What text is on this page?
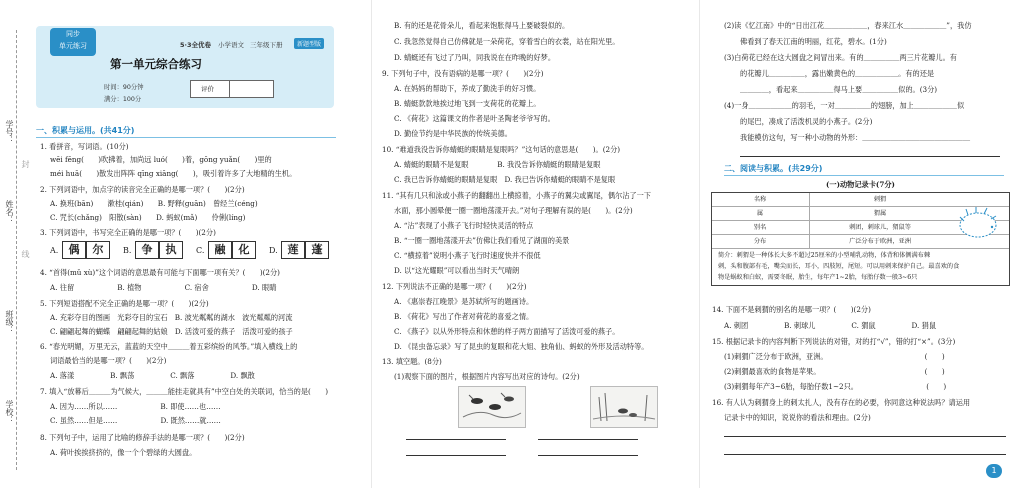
学号：
姓名：
班级：
学校：
封
线
同步
单元练习	5·3全优卷 小学语文 三年级下册	新题型版
第一单元综合练习
时间：90分钟
满分：100分
评价
一、积累与运用。(共41分)
1. 看拼音，写词语。(10分)
wēi fēng(　　)吹拂着，加尚远 luó(　　)着，gōng yuǎn(　　)里的
méi huā(　　)散发出阵阵 qīng xiāng(　　)，吸引着许多了大地精的生机。
2. 下列词语中，加点字的读音完全正确的是哪一项？(　　)(2分)
A. 换班(bān)　　漱桂(qián)　　B. 野释(guān)　曾经兰(céng)
C. 咒长(chǎng)　阳散(sàn)　　D. 蚂蚁(mǎ)　　伶俐(líng)
3. 下列词语中，书写完全正确的是哪一项？(　　)(2分)
A. 偶	尔	B. 争	执	C. 融	化	D. 莲	蓬
4. “首得(mǔ xù)”这个词语的意思最有可能与下面哪一项有关？(　　)(2分)
A. 往留　　　　　　B. 植物　　　　　　C. 宿舍　　　　　　D. 眼睛
5. 下列短语搭配不完全正确的是哪一项？(　　)(2分)
A. 充彩夺目的图画　光彩夺目的宝石　B. 波光粼粼的湖水　波光粼粼的河流
C. 翩翩起舞的蝴蝶　翩翩起舞的姑娘　D. 活泼可爱的燕子　活泼可爱的孩子
6. “春光明媚，万里无云，蓝蓝的天空中＿＿＿着五彩缤纷的风筝。”填入横线上的
词语最恰当的是哪一项？(　　)(2分)
A. 落漾　　　　　B. 飘荡　　　　　C. 飘落　　　　　D. 飘散
7. 填入“放幕后＿＿＿为气候大，＿＿＿能挂走就具有”中空白处的关联词，恰当的是(　　)
A. 因为……所以……　　　　　　B. 即使……也……
C. 虽然……但是……　　　　　　D. 既然……就……
8. 下列句子中，运用了比喻的修辞手法的是哪一项？(　　)(2分)
A. 荷叶挨挨挤挤的，像一个个碧绿的大圆盘。
B. 有的还是花骨朵儿，看起来饱胀得马上要破裂似的。
C. 我忽然觉得自己仿佛就是一朵荷花，穿着雪白的衣裳，站在阳光里。
D. 蜻蜓还有飞过了乃叫，同我说在在昨晚的好梦。
9. 下列句子中，没有语病的是哪一项？(　　)(2分)
A. 在妈妈的帮助下，养成了勤洗手的好习惯。
B. 蜻蜓款款地挨过地飞到一支荷花的花瓣上。
C. 《荷花》这篇课文的作者是叶圣陶老爷爷写的。
D. 勤俭节约是中华民族的传统美德。
10. “难道我没告诉你蜻蜓的眼睛是复眼吗？”这句话的意思是(　　)。(2分)
A. 蜻蜓的眼睛不是复眼　　　　B. 我没告诉你蜻蜓的眼睛是复眼
C. 我已告诉你蜻蜓的眼睛是复眼　D. 我已告诉你蜻蜓的眼睛不是复眼
11. “其有几只和泳或小燕子的翻翻出上横掠着，小燕子的翼尖或翼尾，偶尔沾了一下
水面，那小圆晕便一圈一圈地荡漾开去。”对句子理解有误的是(　　)。(2分)
A. “沾”表现了小燕子飞行时轻快灵活的特点
B. “一圈一圈地荡漾开去”仿佛让我们看见了湖面的美景
C. “横掠着”说明小燕子飞行时速度快并不很低
D. 以“这光耀眼”可以看出当时天气晴朗
12. 下列说法不正确的是哪一项？(　　)(2分)
A. 《惠崇春江晚景》是苏轼所写的题画诗。
B. 《荷花》写出了作者对荷花的喜爱之情。
C. 《燕子》以从外形特点和休憩的样子两方面描写了活泼可爱的燕子。
D. 《昆虫备忘录》写了昆虫的复眼和花大姐、独角仙、蚂蚁的外形及活动特等。
13. 填空题。(8分)
(1)观察下面的图片，根据图片内容写出对应的诗句。(2分)
(2)读《忆江南》中的“日出江花＿＿＿＿＿＿，春来江水＿＿＿＿＿＿”，我仿
佛看到了春天江南的明丽，红花，碧水。(1分)
(3)白荷花已经在这大圆盘之间冒出来。有的＿＿＿＿＿两三片花瓣儿。有
的花瓣儿＿＿＿＿＿，露出嫩黄色的＿＿＿＿＿＿。有的还是
＿＿＿＿，看起来＿＿＿＿＿得马上要＿＿＿＿＿似的。(3分)
(4)一身＿＿＿＿＿＿的羽毛，一对＿＿＿＿＿的翅膀，加上＿＿＿＿＿＿似
的尾巴，凑成了活泼机灵的小燕子。(2分)
我能模仿这句，写一种小动物的外形：＿＿＿＿＿＿＿＿＿＿＿＿＿＿＿
二、阅读与积累。(共29分)
(一)动物记录卡(7分)
名称	刺猬
属	猬属
别名	刺团，刺球儿，猬鼠等
分布	广泛分布于欧洲，亚洲
简介：刺猬是一种体长大多不超过25厘米的小型哺乳动物，体背和体侧满布棘
刺，头和腹部有毛，嘴尖而长，耳小，四肢短，尾短。可以用刺来保护自己。最喜欢的食
物是蜗蚁和白蚁，需要冬眠，胎生，每年产1~2胎，每胎仔数一般3~6只
14. 下面不是刺猬的别名的是哪一项？(　　)(2分)
A. 刺团　　　　　B. 刺球儿　　　　　C. 猬鼠　　　　　D. 狷鼠
15. 根据记录卡的内容判断下列说法的对错，对的打“√”，错的打“×”。(3分)
(1)刺猬广泛分布于欧洲，亚洲。　　　　　　　　　　　　　　(　　)
(2)刺猬最喜欢的食物是苹果。　　　　　　　　　　　　　　　(　　)
(3)刺猬每年产3~6胎，每胎仔数1~2只。　　　　　　　　　　(　　)
16. 有人认为刺猬身上的刺太扎人，没有存在的必要，你同意这种说法吗？请运用
记录卡中的知识，说说你的看法和理由。(2分)
1
